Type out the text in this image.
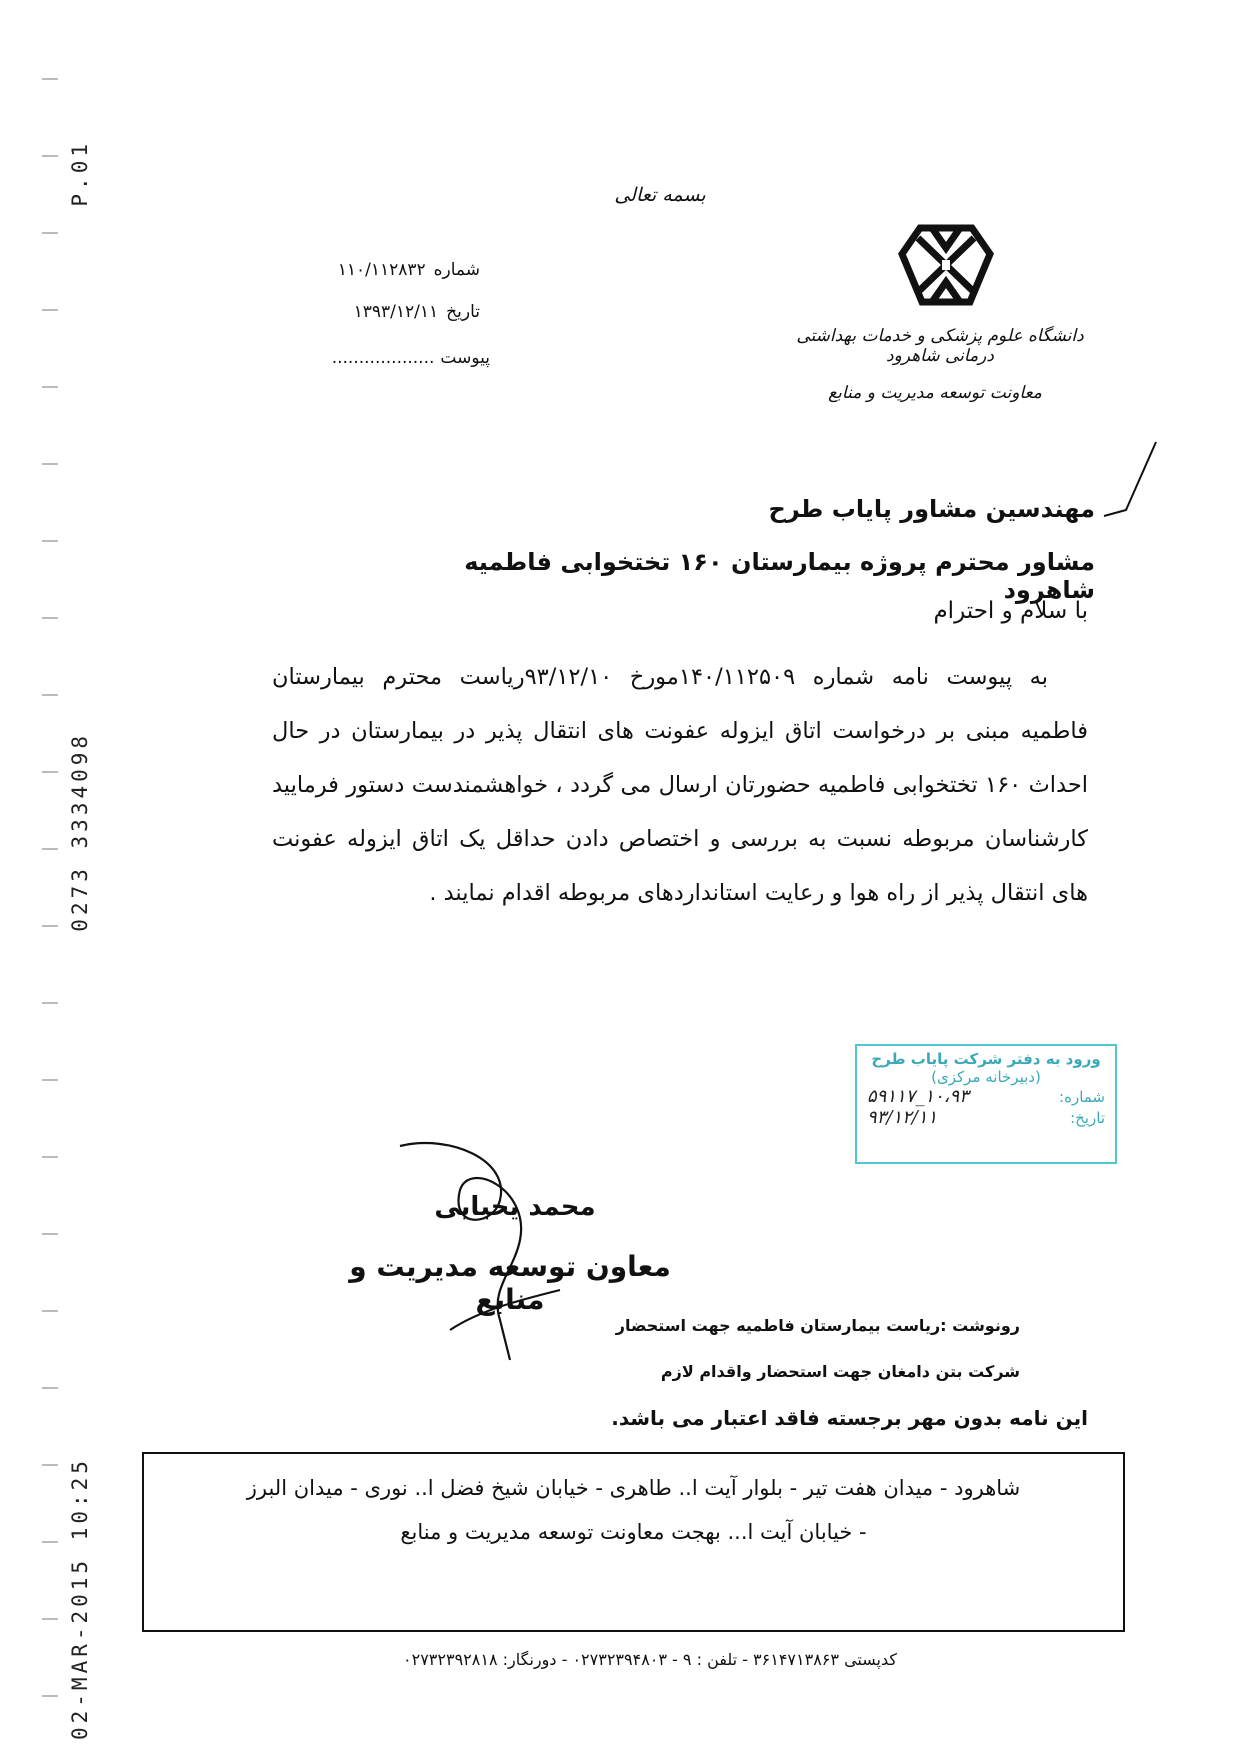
02-MAR-2015 10:25
0273 3334098
P.01	بسمه تعالی
دانشگاه علوم پزشکی و خدمات بهداشتی درمانی شاهرود
معاونت توسعه مدیریت و منابع
شماره
۱۱۰/۱۱۲۸۳۲
تاریخ
۱۳۹۳/۱۲/۱۱
پیوست
...................
مهندسین مشاور پایاب طرح
مشاور محترم پروژه بیمارستان ۱۶۰ تختخوابی فاطمیه شاهرود
با سلام و احترام
به پیوست نامه شماره ۱۴۰/۱۱۲۵۰۹مورخ ۹۳/۱۲/۱۰ریاست محترم بیمارستان فاطمیه مبنی بر درخواست اتاق ایزوله عفونت های انتقال پذیر در بیمارستان در حال احداث ۱۶۰ تختخوابی فاطمیه حضورتان ارسال می گردد ، خواهشمندست دستور فرمایید کارشناسان مربوطه نسبت به بررسی و اختصاص دادن حداقل یک اتاق ایزوله عفونت های انتقال پذیر از راه هوا و رعایت استانداردهای مربوطه اقدام نمایند .
ورود به دفتر شرکت پایاب طرح
(دبیرخانه مرکزی)
شماره:
۱۰،۹۳_۵۹۱۱۷
تاریخ:
۹۳/۱۲/۱۱
محمد یحیایی
معاون توسعه مدیریت و منابع
رونوشت :ریاست بیمارستان فاطمیه جهت استحضار
شرکت بتن دامغان جهت استحضار واقدام لازم
این نامه بدون مهر برجسته فاقد اعتبار می باشد.
شاهرود - میدان هفت تیر - بلوار آیت ا.. طاهری - خیابان شیخ فضل ا.. نوری - میدان البرز
- خیابان آیت ا... بهجت معاونت توسعه مدیریت و منابع
کدپستی ۳۶۱۴۷۱۳۸۶۳ - تلفن : ۹ - ۰۲۷۳۲۳۹۴۸۰۳ - دورنگار: ۰۲۷۳۲۳۹۲۸۱۸
